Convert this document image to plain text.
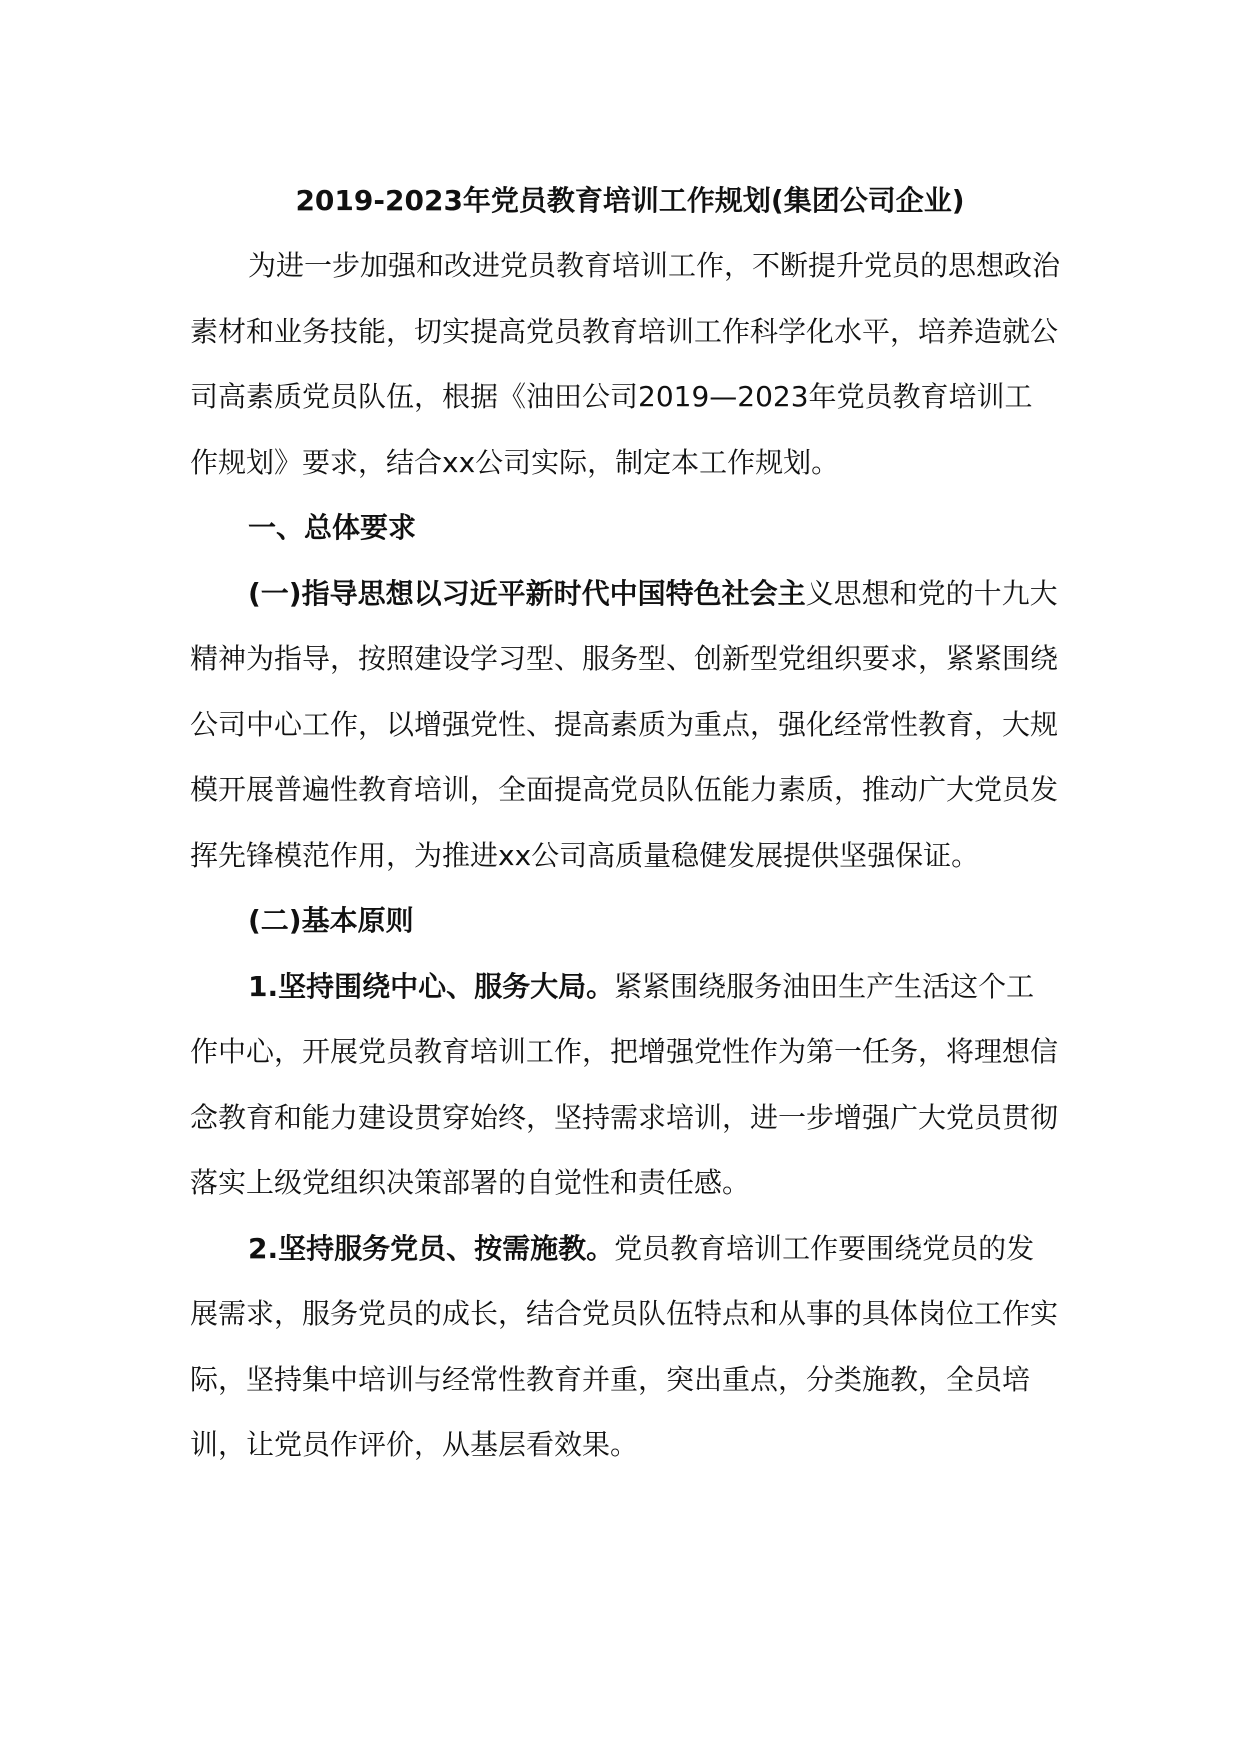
2019-2023年党员教育培训工作规划(集团公司企业)

为进一步加强和改进党员教育培训工作，不断提升党员的思想政治素材和业务技能，切实提高党员教育培训工作科学化水平，培养造就公司高素质党员队伍，根据《油田公司2019—2023年党员教育培训工作规划》要求，结合xx公司实际，制定本工作规划。

一、总体要求

(一)指导思想以习近平新时代中国特色社会主义思想和党的十九大精神为指导，按照建设学习型、服务型、创新型党组织要求，紧紧围绕公司中心工作，以增强党性、提高素质为重点，强化经常性教育，大规模开展普遍性教育培训，全面提高党员队伍能力素质，推动广大党员发挥先锋模范作用，为推进xx公司高质量稳健发展提供坚强保证。

(二)基本原则

1.坚持围绕中心、服务大局。紧紧围绕服务油田生产生活这个工作中心，开展党员教育培训工作，把增强党性作为第一任务，将理想信念教育和能力建设贯穿始终，坚持需求培训，进一步增强广大党员贯彻落实上级党组织决策部署的自觉性和责任感。

2.坚持服务党员、按需施教。党员教育培训工作要围绕党员的发展需求，服务党员的成长，结合党员队伍特点和从事的具体岗位工作实际，坚持集中培训与经常性教育并重，突出重点，分类施教，全员培训，让党员作评价，从基层看效果。
